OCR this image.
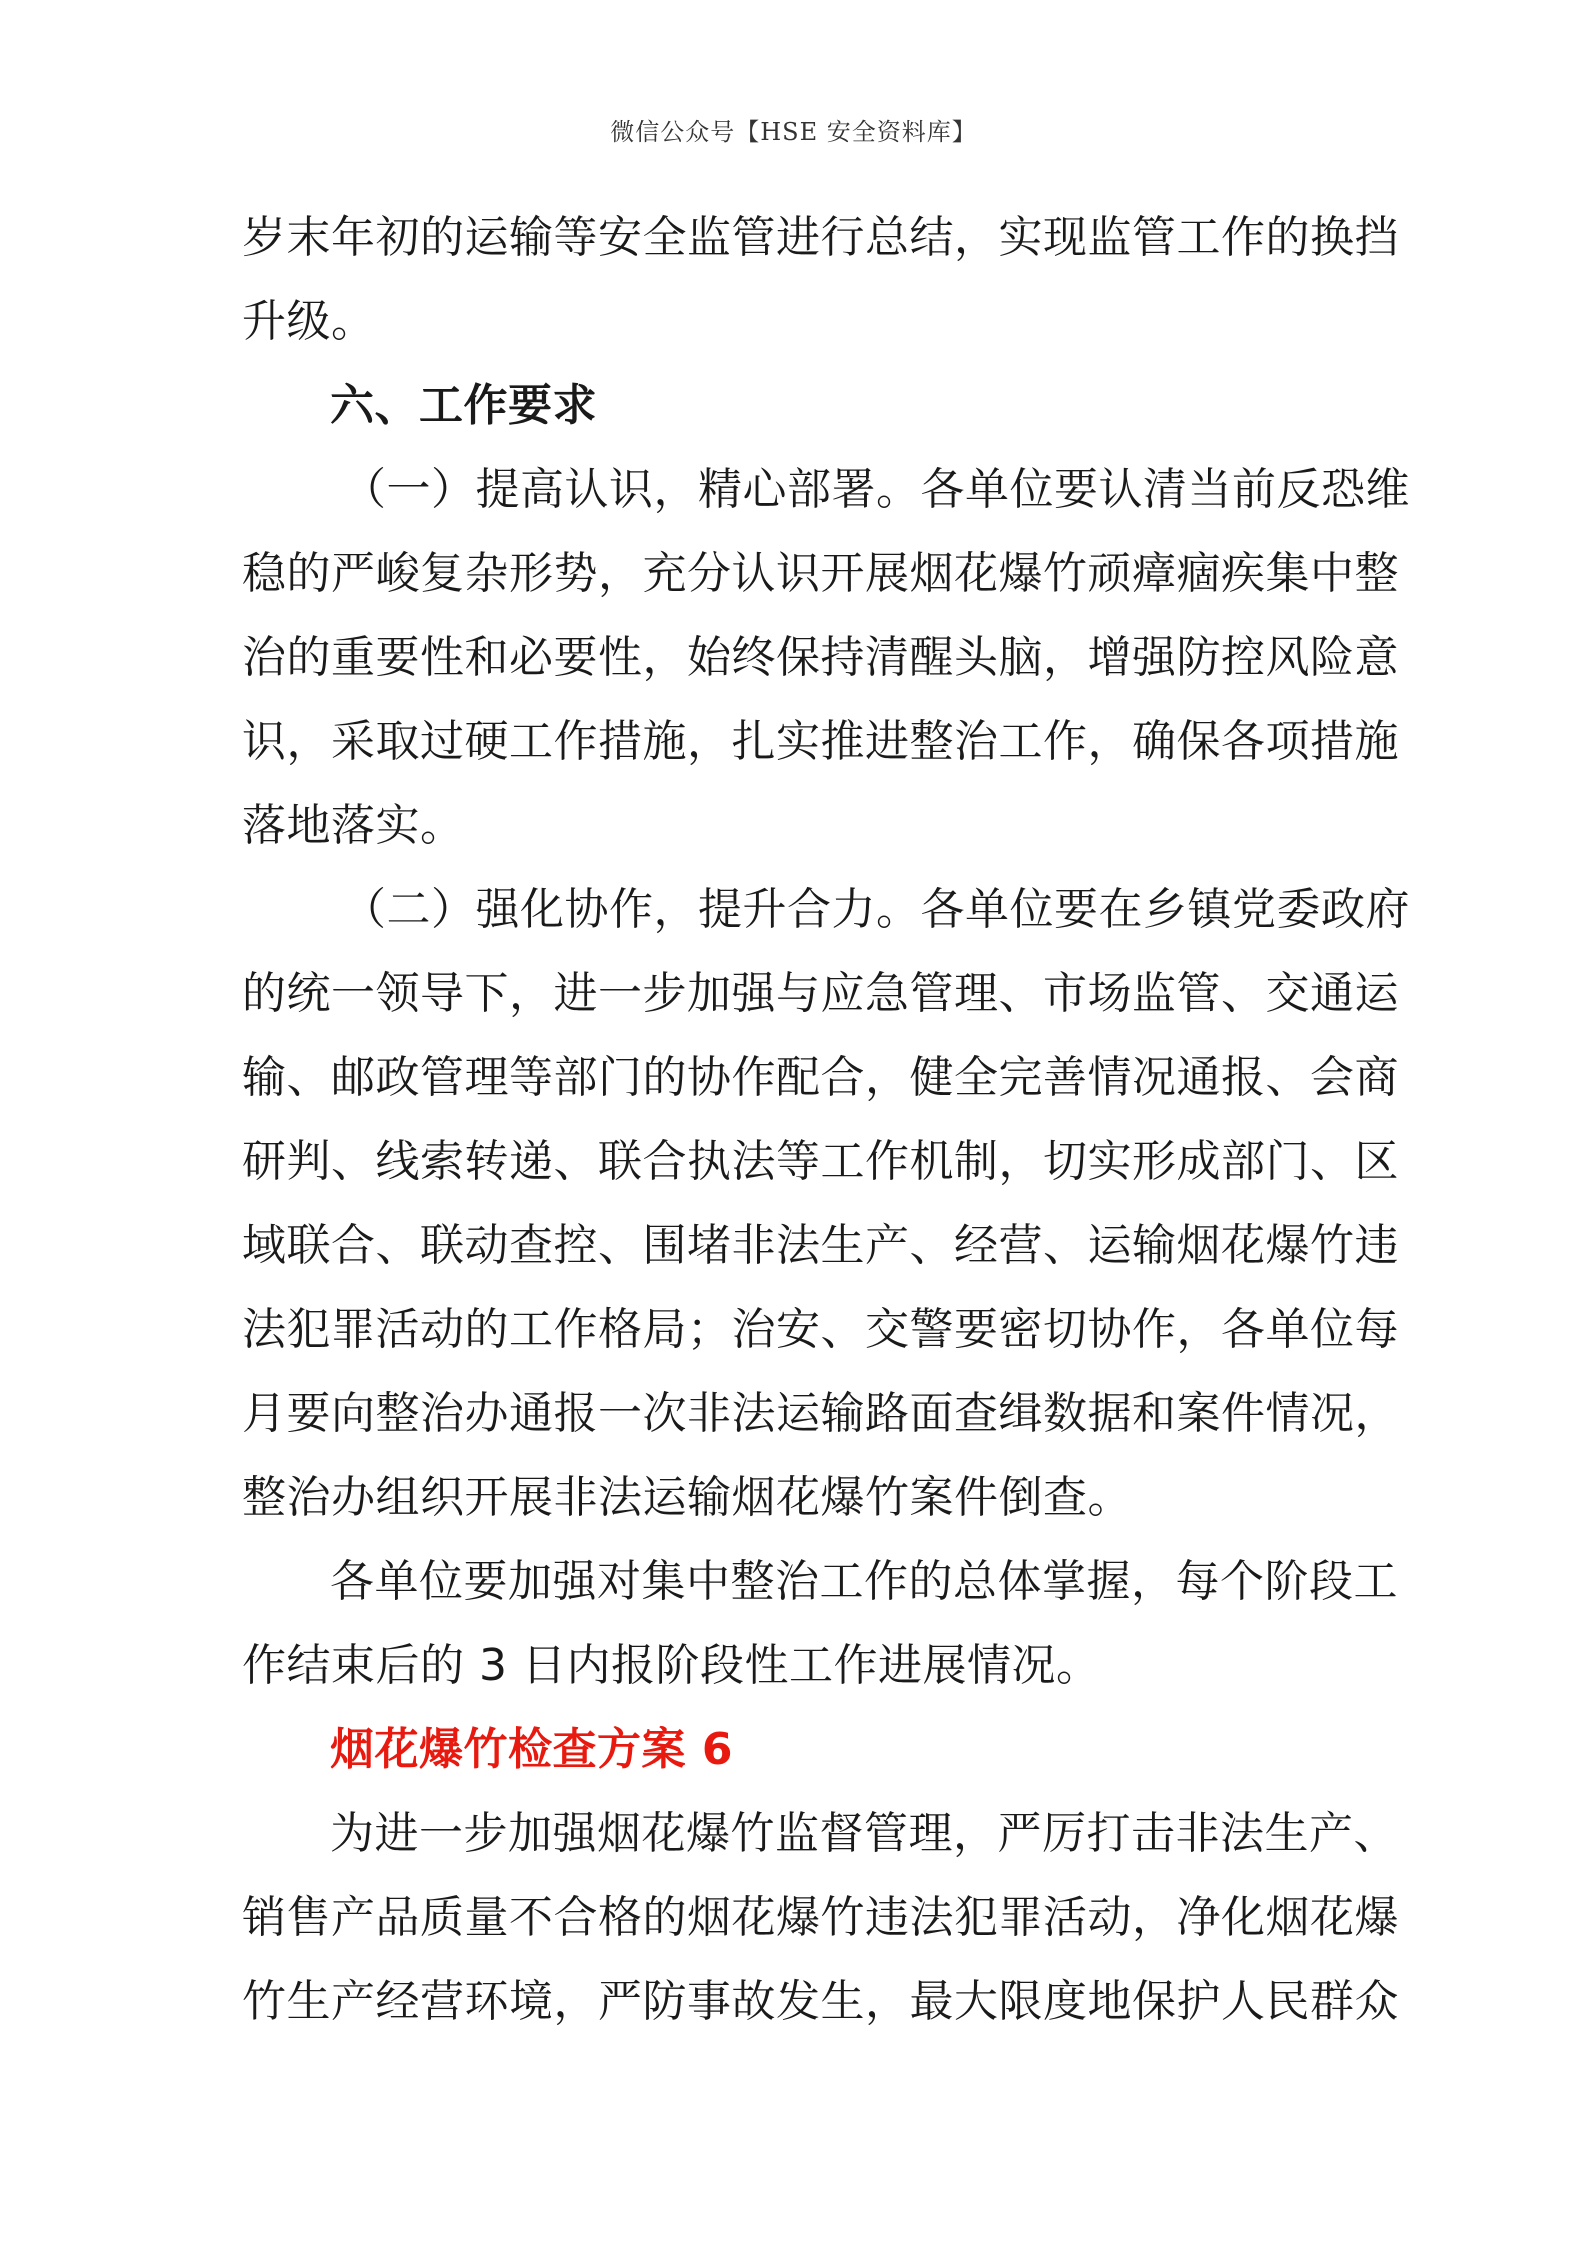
微信公众号【HSE 安全资料库】
岁末年初的运输等安全监管进行总结，实现监管工作的换挡
升级。
六、工作要求
（一）提高认识，精心部署。各单位要认清当前反恐维
稳的严峻复杂形势，充分认识开展烟花爆竹顽瘴痼疾集中整
治的重要性和必要性，始终保持清醒头脑，增强防控风险意
识，采取过硬工作措施，扎实推进整治工作，确保各项措施
落地落实。
（二）强化协作，提升合力。各单位要在乡镇党委政府
的统一领导下，进一步加强与应急管理、市场监管、交通运
输、邮政管理等部门的协作配合，健全完善情况通报、会商
研判、线索转递、联合执法等工作机制，切实形成部门、区
域联合、联动查控、围堵非法生产、经营、运输烟花爆竹违
法犯罪活动的工作格局；治安、交警要密切协作，各单位每
月要向整治办通报一次非法运输路面查缉数据和案件情况，
整治办组织开展非法运输烟花爆竹案件倒查。
各单位要加强对集中整治工作的总体掌握，每个阶段工
作结束后的 3 日内报阶段性工作进展情况。
烟花爆竹检查方案 6
为进一步加强烟花爆竹监督管理，严厉打击非法生产、
销售产品质量不合格的烟花爆竹违法犯罪活动，净化烟花爆
竹生产经营环境，严防事故发生，最大限度地保护人民群众
